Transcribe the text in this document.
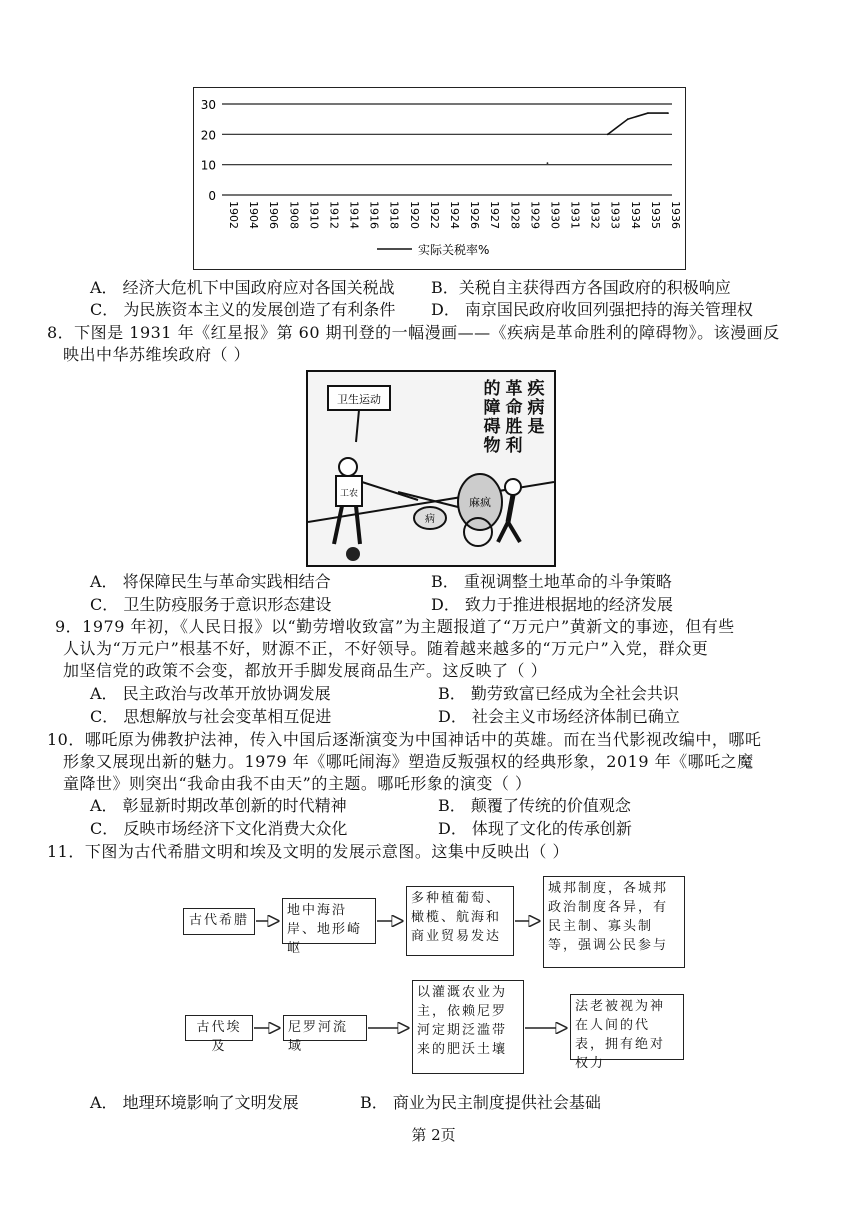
30
20
10
0
1902 1904 1906 1908 1910 1912 1914 1916 1918 1920 1922 1924 1926 1927 1928 1929 1930 1931 1932 1933 1934 1935 1936
实际关税率%
A． 经济大危机下中国政府应对各国关税战 B．关税自主获得西方各国政府的积极响应
C． 为民族资本主义的发展创造了有利条件 D． 南京国民政府收回列强把持的海关管理权
8．下图是 1931 年《红星报》第 60 期刊登的一幅漫画——《疾病是革命胜利的障碍物》。该漫画反
映出中华苏维埃政府（ ）
卫生运动
疾
病
是
革
命
胜
利
的
障
碍
物
工农
病
麻疯
A． 将保障民生与革命实践相结合	B． 重视调整土地革命的斗争策略
C． 卫生防疫服务于意识形态建设	D． 致力于推进根据地的经济发展
9．1979 年初，《人民日报》以“勤劳增收致富”为主题报道了“万元户”黄新文的事迹，但有些
人认为“万元户”根基不好，财源不正，不好领导。随着越来越多的“万元户”入党，群众更
加坚信党的政策不会变，都放开手脚发展商品生产。这反映了（ ）
A． 民主政治与改革开放协调发展	B． 勤劳致富已经成为全社会共识
C． 思想解放与社会变革相互促进	D． 社会主义市场经济体制已确立
10．哪吒原为佛教护法神，传入中国后逐渐演变为中国神话中的英雄。而在当代影视改编中，哪吒
形象又展现出新的魅力。1979 年《哪吒闹海》塑造反叛强权的经典形象，2019 年《哪吒之魔
童降世》则突出“我命由我不由天”的主题。哪吒形象的演变（ ）
A． 彰显新时期改革创新的时代精神	B． 颠覆了传统的价值观念
C． 反映市场经济下文化消费大众化	D． 体现了文化的传承创新
11．下图为古代希腊文明和埃及文明的发展示意图。这集中反映出（ ）
古代希腊
地中海沿岸、地形崎岖
多种植葡萄、橄榄、航海和商业贸易发达
城邦制度，各城邦政治制度各异，有民主制、寡头制等，强调公民参与
古代埃及
尼罗河流域
以灌溉农业为主，依赖尼罗河定期泛滥带来的肥沃土壤
法老被视为神在人间的代表，拥有绝对权力
A． 地理环境影响了文明发展	B． 商业为民主制度提供社会基础
第 2页
